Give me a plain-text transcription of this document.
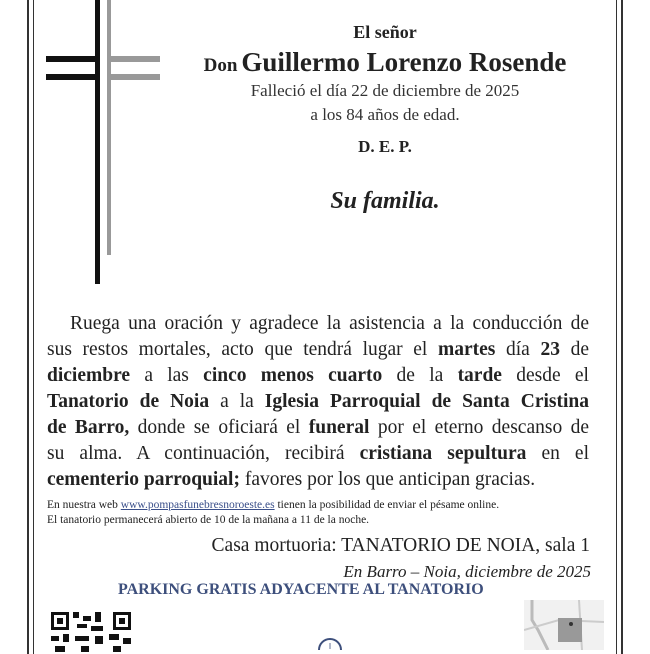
El señor
Don Guillermo Lorenzo Rosende
Falleció el día 22 de diciembre de 2025
a los 84 años de edad.
D. E. P.
Su familia.
Ruega una oración y agradece la asistencia a la conducción de
sus restos mortales, acto que tendrá lugar el martes día 23 de
diciembre a las cinco menos cuarto de la tarde desde el
Tanatorio de Noia a la Iglesia Parroquial de Santa Cristina
de Barro, donde se oficiará el funeral por el eterno descanso de
su alma. A continuación, recibirá cristiana sepultura en el
cementerio parroquial; favores por los que anticipan gracias.
En nuestra web www.pompasfunebresnoroeste.es tienen la posibilidad de enviar el pésame online.
El tanatorio permanecerá abierto de 10 de la mañana a 11 de la noche.
Casa mortuoria: TANATORIO DE NOIA, sala 1
En Barro – Noia, diciembre de 2025
PARKING GRATIS ADYACENTE AL TANATORIO
‖
